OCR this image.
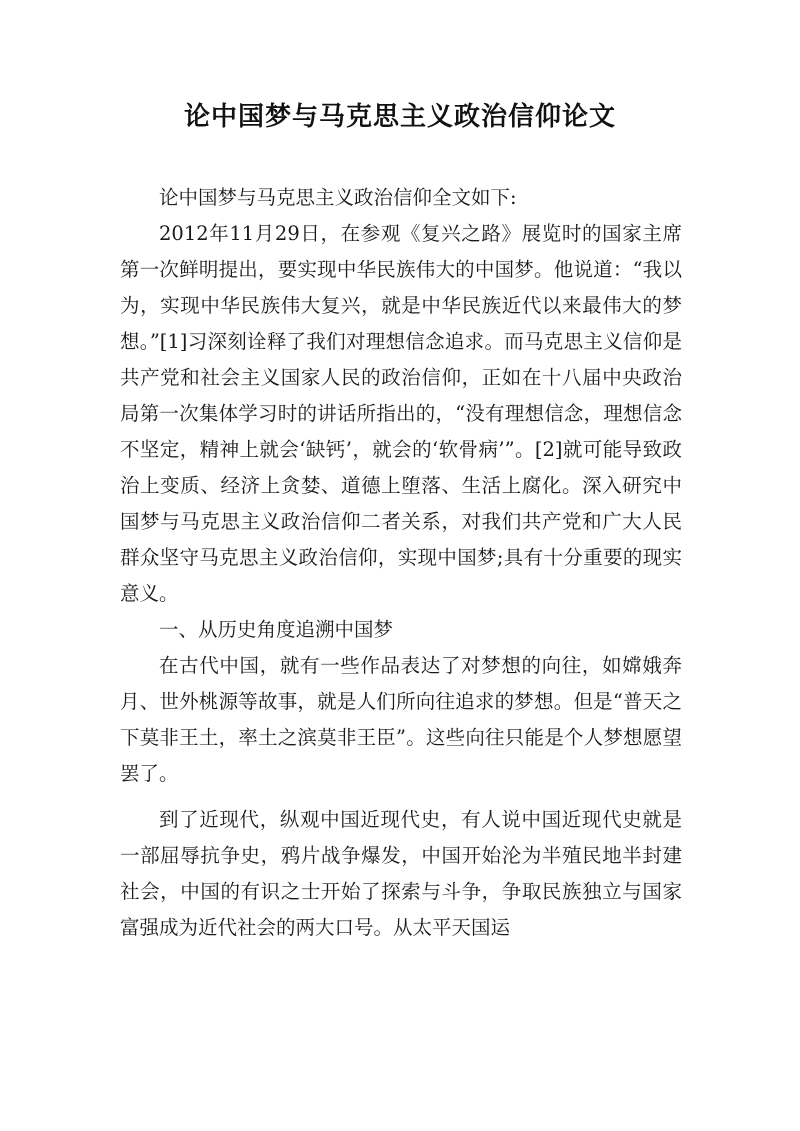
论中国梦与马克思主义政治信仰论文

论中国梦与马克思主义政治信仰全文如下:

2012年11月29日，在参观《复兴之路》展览时的国家主席第一次鲜明提出，要实现中华民族伟大的中国梦。他说道：“我以为，实现中华民族伟大复兴，就是中华民族近代以来最伟大的梦想。”[1]习深刻诠释了我们对理想信念追求。而马克思主义信仰是共产党和社会主义国家人民的政治信仰，正如在十八届中央政治局第一次集体学习时的讲话所指出的，“没有理想信念，理想信念不坚定，精神上就会‘缺钙’，就会的‘软骨病’”。[2]就可能导致政治上变质、经济上贪婪、道德上堕落、生活上腐化。深入研究中国梦与马克思主义政治信仰二者关系，对我们共产党和广大人民群众坚守马克思主义政治信仰，实现中国梦;具有十分重要的现实意义。

一、从历史角度追溯中国梦

在古代中国，就有一些作品表达了对梦想的向往，如嫦娥奔月、世外桃源等故事，就是人们所向往追求的梦想。但是“普天之下莫非王土，率土之滨莫非王臣”。这些向往只能是个人梦想愿望罢了。

到了近现代，纵观中国近现代史，有人说中国近现代史就是一部屈辱抗争史，鸦片战争爆发，中国开始沦为半殖民地半封建社会，中国的有识之士开始了探索与斗争，争取民族独立与国家富强成为近代社会的两大口号。从太平天国运
